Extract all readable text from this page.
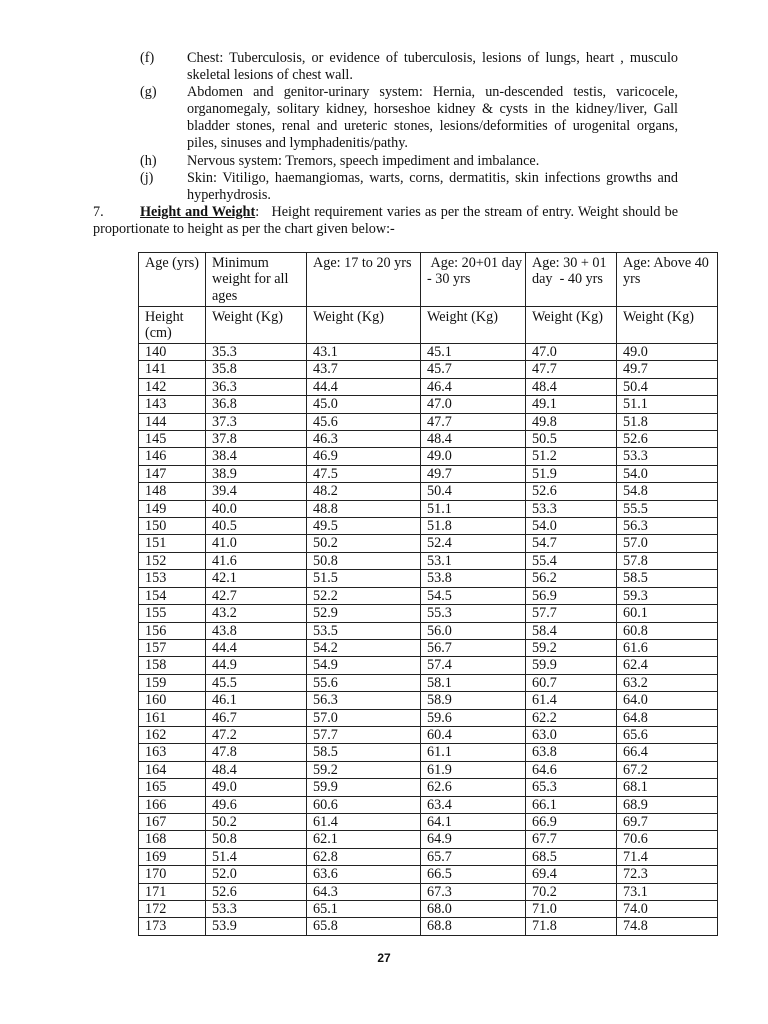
(f) Chest: Tuberculosis, or evidence of tuberculosis, lesions of lungs, heart , musculo skeletal lesions of chest wall.

(g) Abdomen and genitor-urinary system: Hernia, un-descended testis, varicocele, organomegaly, solitary kidney, horseshoe kidney & cysts in the kidney/liver, Gall bladder stones, renal and ureteric stones, lesions/deformities of urogenital organs, piles, sinuses and lymphadenitis/pathy.

(h) Nervous system: Tremors, speech impediment and imbalance.

(j) Skin: Vitiligo, haemangiomas, warts, corns, dermatitis, skin infections growths and hyperhydrosis.

7.	Height and Weight:   Height requirement varies as per the stream of entry. Weight should be proportionate to height as per the chart given below:-

Age (yrs)	Minimum weight for all ages	Age: 17 to 20 yrs	Age: 20+01 day - 30 yrs	Age: 30 + 01 day  - 40 yrs	Age: Above 40 yrs
Height (cm)	Weight (Kg)	Weight (Kg)	Weight (Kg)	Weight (Kg)	Weight (Kg)
140	35.3	43.1	45.1	47.0	49.0
141	35.8	43.7	45.7	47.7	49.7
142	36.3	44.4	46.4	48.4	50.4
143	36.8	45.0	47.0	49.1	51.1
144	37.3	45.6	47.7	49.8	51.8
145	37.8	46.3	48.4	50.5	52.6
146	38.4	46.9	49.0	51.2	53.3
147	38.9	47.5	49.7	51.9	54.0
148	39.4	48.2	50.4	52.6	54.8
149	40.0	48.8	51.1	53.3	55.5
150	40.5	49.5	51.8	54.0	56.3
151	41.0	50.2	52.4	54.7	57.0
152	41.6	50.8	53.1	55.4	57.8
153	42.1	51.5	53.8	56.2	58.5
154	42.7	52.2	54.5	56.9	59.3
155	43.2	52.9	55.3	57.7	60.1
156	43.8	53.5	56.0	58.4	60.8
157	44.4	54.2	56.7	59.2	61.6
158	44.9	54.9	57.4	59.9	62.4
159	45.5	55.6	58.1	60.7	63.2
160	46.1	56.3	58.9	61.4	64.0
161	46.7	57.0	59.6	62.2	64.8
162	47.2	57.7	60.4	63.0	65.6
163	47.8	58.5	61.1	63.8	66.4
164	48.4	59.2	61.9	64.6	67.2
165	49.0	59.9	62.6	65.3	68.1
166	49.6	60.6	63.4	66.1	68.9
167	50.2	61.4	64.1	66.9	69.7
168	50.8	62.1	64.9	67.7	70.6
169	51.4	62.8	65.7	68.5	71.4
170	52.0	63.6	66.5	69.4	72.3
171	52.6	64.3	67.3	70.2	73.1
172	53.3	65.1	68.0	71.0	74.0
173	53.9	65.8	68.8	71.8	74.8
27
